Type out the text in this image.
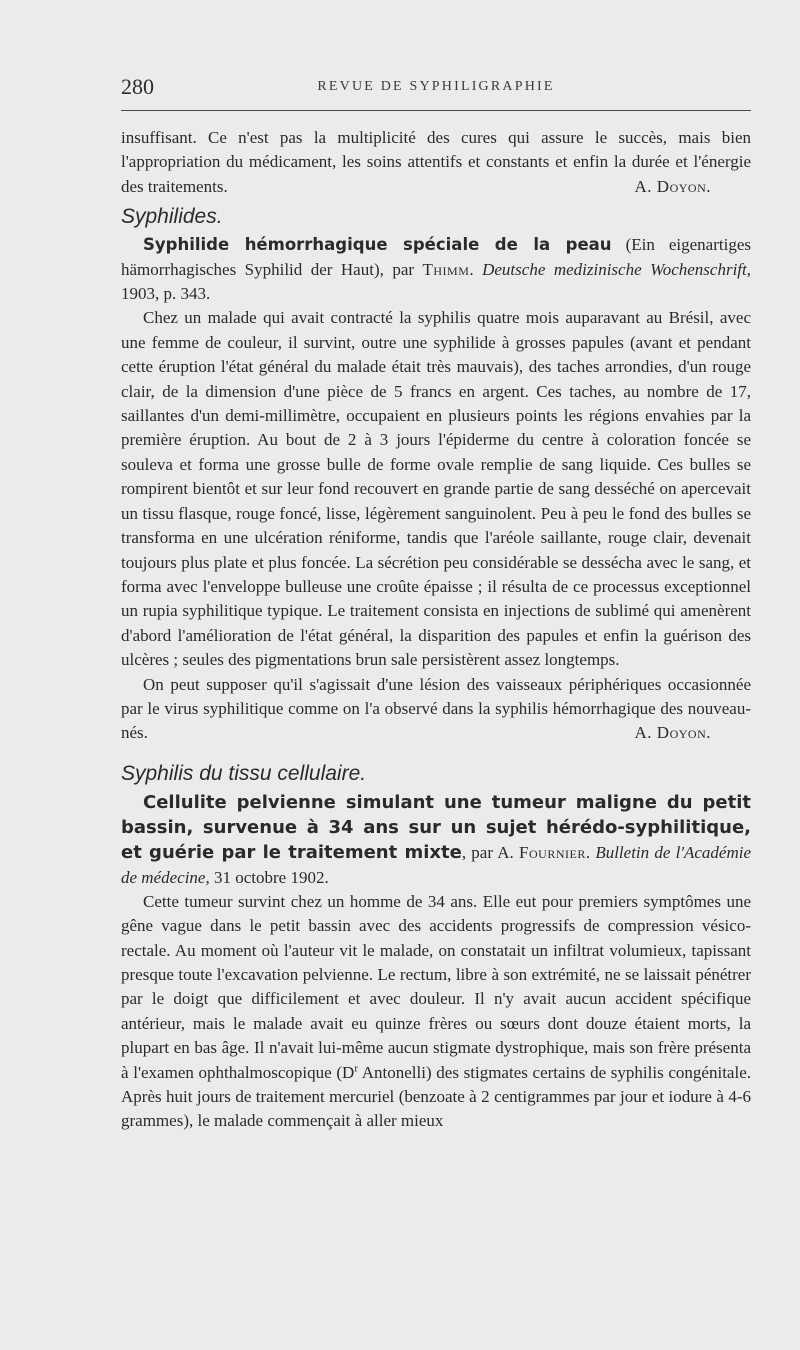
280	REVUE DE SYPHILIGRAPHIE

insuffisant. Ce n'est pas la multiplicité des cures qui assure le succès, mais bien l'appropriation du médicament, les soins attentifs et constants et enfin la durée et l'énergie des traitements.	A. Doyon.

Syphilides.

Syphilide hémorrhagique spéciale de la peau (Ein eigenartiges hämorrhagisches Syphilid der Haut), par Thimm. Deutsche medizinische Wochenschrift, 1903, p. 343.

Chez un malade qui avait contracté la syphilis quatre mois auparavant au Brésil, avec une femme de couleur, il survint, outre une syphilide à grosses papules (avant et pendant cette éruption l'état général du malade était très mauvais), des taches arrondies, d'un rouge clair, de la dimension d'une pièce de 5 francs en argent. Ces taches, au nombre de 17, saillantes d'un demi-millimètre, occupaient en plusieurs points les régions envahies par la première éruption. Au bout de 2 à 3 jours l'épiderme du centre à coloration foncée se souleva et forma une grosse bulle de forme ovale remplie de sang liquide. Ces bulles se rompirent bientôt et sur leur fond recouvert en grande partie de sang desséché on apercevait un tissu flasque, rouge foncé, lisse, légèrement sanguinolent. Peu à peu le fond des bulles se transforma en une ulcération réniforme, tandis que l'aréole saillante, rouge clair, devenait toujours plus plate et plus foncée. La sécrétion peu considérable se dessécha avec le sang, et forma avec l'enveloppe bulleuse une croûte épaisse ; il résulta de ce processus exceptionnel un rupia syphilitique typique. Le traitement consista en injections de sublimé qui amenèrent d'abord l'amélioration de l'état général, la disparition des papules et enfin la guérison des ulcères ; seules des pigmentations brun sale persistèrent assez longtemps.

On peut supposer qu'il s'agissait d'une lésion des vaisseaux périphériques occasionnée par le virus syphilitique comme on l'a observé dans la syphilis hémorrhagique des nouveau-nés.	A. Doyon.

Syphilis du tissu cellulaire.

Cellulite pelvienne simulant une tumeur maligne du petit bassin, survenue à 34 ans sur un sujet hérédo-syphilitique, et guérie par le traitement mixte, par A. Fournier. Bulletin de l'Académie de médecine, 31 octobre 1902.

Cette tumeur survint chez un homme de 34 ans. Elle eut pour premiers symptômes une gêne vague dans le petit bassin avec des accidents progressifs de compression vésico-rectale. Au moment où l'auteur vit le malade, on constatait un infiltrat volumieux, tapissant presque toute l'excavation pelvienne. Le rectum, libre à son extrémité, ne se laissait pénétrer par le doigt que difficilement et avec douleur. Il n'y avait aucun accident spécifique antérieur, mais le malade avait eu quinze frères ou sœurs dont douze étaient morts, la plupart en bas âge. Il n'avait lui-même aucun stigmate dystrophique, mais son frère présenta à l'examen ophthalmoscopique ($D^r$ Antonelli) des stigmates certains de syphilis congénitale. Après huit jours de traitement mercuriel (benzoate à 2 centigrammes par jour et iodure à 4-6 grammes), le malade commençait à aller mieux
